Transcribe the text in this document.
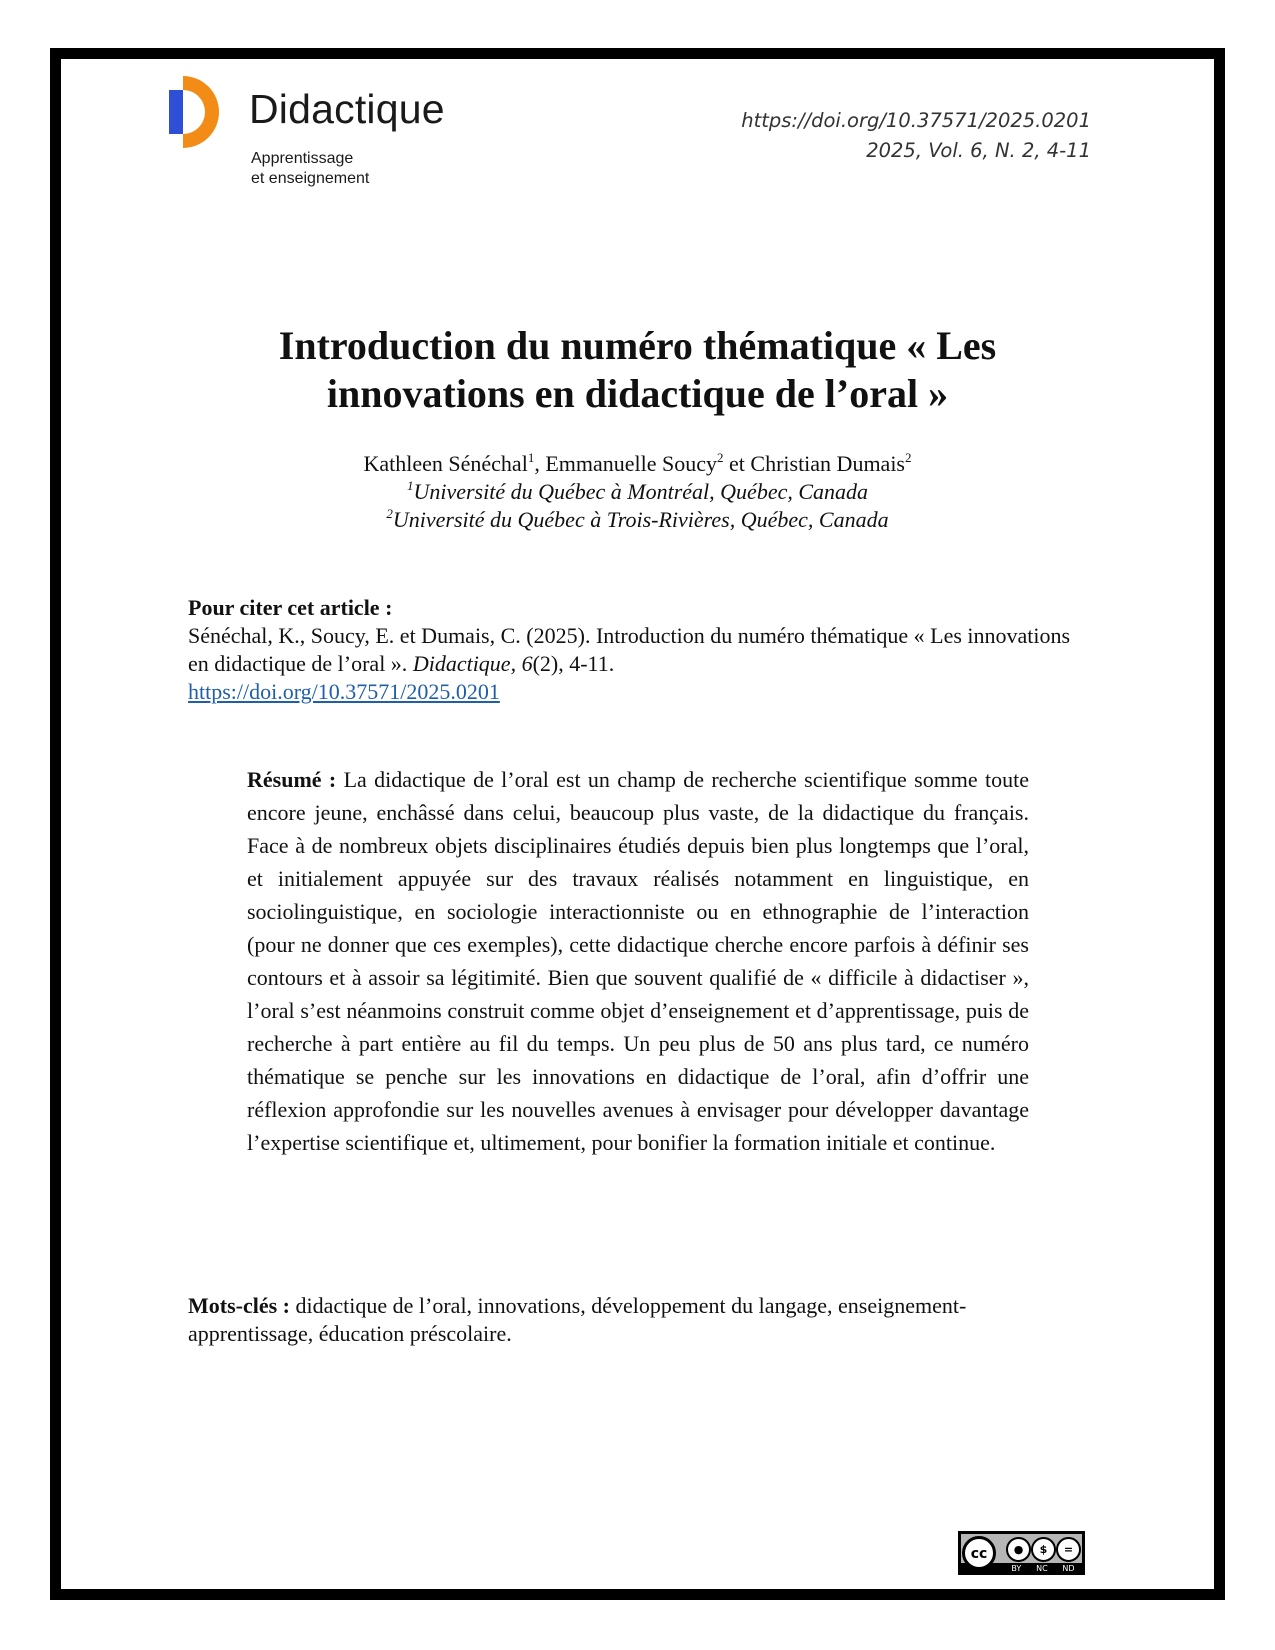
Didactique
Apprentissage
et enseignement
https://doi.org/10.37571/2025.0201
2025, Vol. 6, N. 2, 4-11
Introduction du numéro thématique « Les
innovations en didactique de l’oral »
Kathleen Sénéchal$^1$, Emmanuelle Soucy$^2$ et Christian Dumais$^2$
$^1$Université du Québec à Montréal, Québec, Canada
$^2$Université du Québec à Trois-Rivières, Québec, Canada
Pour citer cet article :
Sénéchal, K., Soucy, E. et Dumais, C. (2025). Introduction du numéro thématique « Les innovations en didactique de l’oral ». Didactique, 6(2), 4-11.
https://doi.org/10.37571/2025.0201

Résumé : La didactique de l’oral est un champ de recherche scientifique somme toute encore jeune, enchâssé dans celui, beaucoup plus vaste, de la didactique du français. Face à de nombreux objets disciplinaires étudiés depuis bien plus longtemps que l’oral, et initialement appuyée sur des travaux réalisés notamment en linguistique, en sociolinguistique, en sociologie interactionniste ou en ethnographie de l’interaction (pour ne donner que ces exemples), cette didactique cherche encore parfois à définir ses contours et à assoir sa légitimité. Bien que souvent qualifié de « difficile à didactiser », l’oral s’est néanmoins construit comme objet d’enseignement et d’apprentissage, puis de recherche à part entière au fil du temps. Un peu plus de 50 ans plus tard, ce numéro thématique se penche sur les innovations en didactique de l’oral, afin d’offrir une réflexion approfondie sur les nouvelles avenues à envisager pour développer davantage l’expertise scientifique et, ultimement, pour bonifier la formation initiale et continue.

Mots-clés : didactique de l’oral, innovations, développement du langage, enseignement-apprentissage, éducation préscolaire.
cc	●	$	=
BY NC ND
